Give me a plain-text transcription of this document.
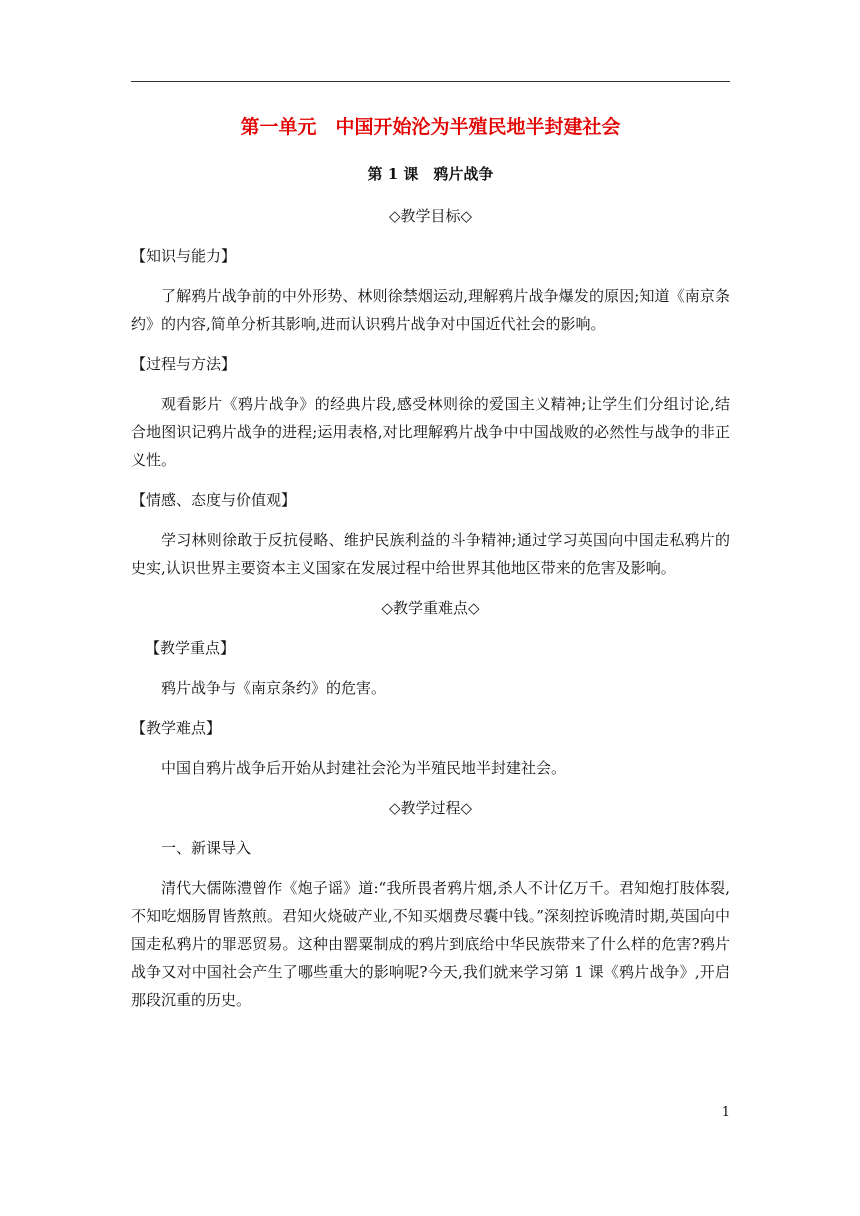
第一单元　中国开始沦为半殖民地半封建社会

第 1 课　鸦片战争

◇教学目标◇

【知识与能力】

了解鸦片战争前的中外形势、林则徐禁烟运动,理解鸦片战争爆发的原因;知道《南京条约》的内容,简单分析其影响,进而认识鸦片战争对中国近代社会的影响。

【过程与方法】

观看影片《鸦片战争》的经典片段,感受林则徐的爱国主义精神;让学生们分组讨论,结合地图识记鸦片战争的进程;运用表格,对比理解鸦片战争中中国战败的必然性与战争的非正义性。

【情感、态度与价值观】

学习林则徐敢于反抗侵略、维护民族利益的斗争精神;通过学习英国向中国走私鸦片的史实,认识世界主要资本主义国家在发展过程中给世界其他地区带来的危害及影响。

◇教学重难点◇

【教学重点】

鸦片战争与《南京条约》的危害。

【教学难点】

中国自鸦片战争后开始从封建社会沦为半殖民地半封建社会。

◇教学过程◇

一、新课导入

清代大儒陈澧曾作《炮子谣》道:“我所畏者鸦片烟,杀人不计亿万千。君知炮打肢体裂,不知吃烟肠胃皆熬煎。君知火烧破产业,不知买烟费尽囊中钱。”深刻控诉晚清时期,英国向中国走私鸦片的罪恶贸易。这种由罂粟制成的鸦片到底给中华民族带来了什么样的危害?鸦片战争又对中国社会产生了哪些重大的影响呢?今天,我们就来学习第 1 课《鸦片战争》,开启那段沉重的历史。

1
